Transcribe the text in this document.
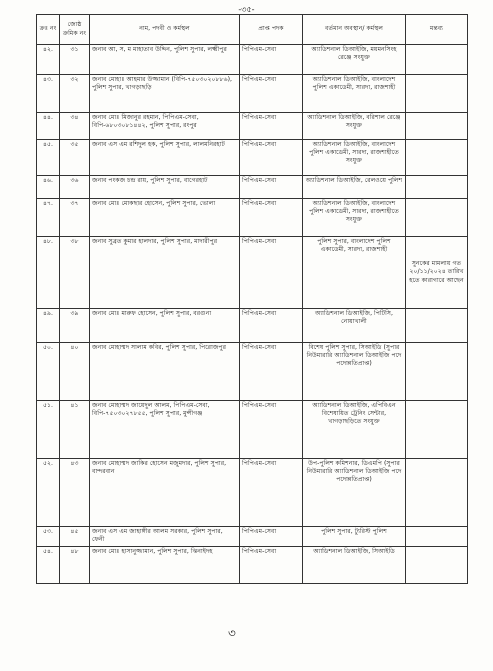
-৩৫-
ক্রঃ নং	জ্যেষ্ঠ ক্রমিক নং	নাম, পদবী ও কর্মস্থল	প্রাপ্ত পদক	বর্তমান অবস্থান/ কর্মস্থল	মন্তব্য
৪২.	৩১	জনাব আ, স, ম মাহাতাব উদ্দিন, পুলিশ সুপার, লক্ষ্মীপুর	পিপিএম-সেবা	অ্যাডিশনাল ডিআইজি, ময়মনসিংহ রেঞ্জে সংযুক্ত	
৪৩.	৩২	জনাব মোহাঃ আহমার উজ্জামান (বিপি-৭৫০৩০২০৮৮৬), পুলিশ সুপার, খাগড়াছড়ি	পিপিএম-সেবা	অ্যাডিশনাল ডিআইজি, বাংলাদেশ পুলিশ একাডেমী, সারদা, রাজশাহী	
৪৪.	৩৪	জনাব মোঃ মিজানুর রহমান, পিপিএম-সেবা, বিপি-৬৮০৩০৮১৪৪২, পুলিশ সুপার, রংপুর	পিপিএম-সেবা	অ্যাডিশনাল ডিআইজি, বরিশাল রেঞ্জে সংযুক্ত	
৪৫.	৩৫	জনাব এস এম রশিদুল হক, পুলিশ সুপার, লালমনিরহাট	পিপিএম-সেবা	অ্যাডিশনাল ডিআইজি, বাংলাদেশ পুলিশ একাডেমী, সারদা, রাজশাহীতে সংযুক্ত	
৪৬.	৩৬	জনাব পংকজ চন্দ্র রায়, পুলিশ সুপার, বাগেরহাট	পিপিএম-সেবা	অ্যাডিশনাল ডিআইজি, রেলওয়ে পুলিশ	
৪৭.	৩৭	জনাব মোঃ মোকছার হোসেন, পুলিশ সুপার, ভোলা	পিপিএম-সেবা	অ্যাডিশনাল ডিআইজি, বাংলাদেশ পুলিশ একাডেমী, সারদা, রাজশাহীতে সংযুক্ত	
৪৮.	৩৮	জনাব সুব্রত কুমার হালদার, পুলিশ সুপার, মাদারীপুর	পিপিএম-সেবা	পুলিশ সুপার, বাংলাদেশ পুলিশ একাডেমী, সারদা, রাজশাহী	সুনকের মামলায় গত ২০/১১/২০২৪ তারিখ হতে কারাগারে আছেন
৪৯.	৩৯	জনাব মোঃ মারুফ হোসেন, পুলিশ সুপার, বরগুনা	পিপিএম-সেবা	অ্যাডিশনাল ডিআইজি, পিটিসি, নোয়াখালী	
৫০.	৪০	জনাব মোহাম্মদ সালাম কবির, পুলিশ সুপার, পিরোজপুর	পিপিএম-সেবা	বিশেষ পুলিশ সুপার, সিআইডি (সুপার নিউমারারি অ্যাডিশনাল ডিআইজি পদে পদোন্নতিপ্রাপ্ত)	
৫১.	৪১	জনাব মোহাম্মদ জায়েদুল আলম, পিপিএম-সেবা, বিপি-৭৫০৩০২৭৮৫৫, পুলিশ সুপার, মুন্সীগঞ্জ	পিপিএম-সেবা	অ্যাডিশনাল ডিআইজি, এপিবিএন বিশেষায়িত ট্রেনিং সেন্টার, খাগড়াছড়িতে সংযুক্ত	
৫২.	৪৩	জনাব মোহাম্মদ জাকির হোসেন মজুমদার, পুলিশ সুপার, বান্দরবান	পিপিএম-সেবা	উপ-পুলিশ কমিশনার, ডিএমপি (সুপার নিউমারারি অ্যাডিশনাল ডিআইজি পদে পদোন্নতিপ্রাপ্ত)	
৫৩.	৪৫	জনাব এস এম জাহাঙ্গীর আলম সরকার, পুলিশ সুপার, ফেনী	পিপিএম-সেবা	পুলিশ সুপার, ট্যুরিস্ট পুলিশ	
৫৪.	৪৮	জনাব মোঃ হাসানুজ্জামান, পুলিশ সুপার, ঝিনাইদহ	পিপিএম-সেবা	অ্যাডিশনাল ডিআইজি, সিআইডি	
৩
